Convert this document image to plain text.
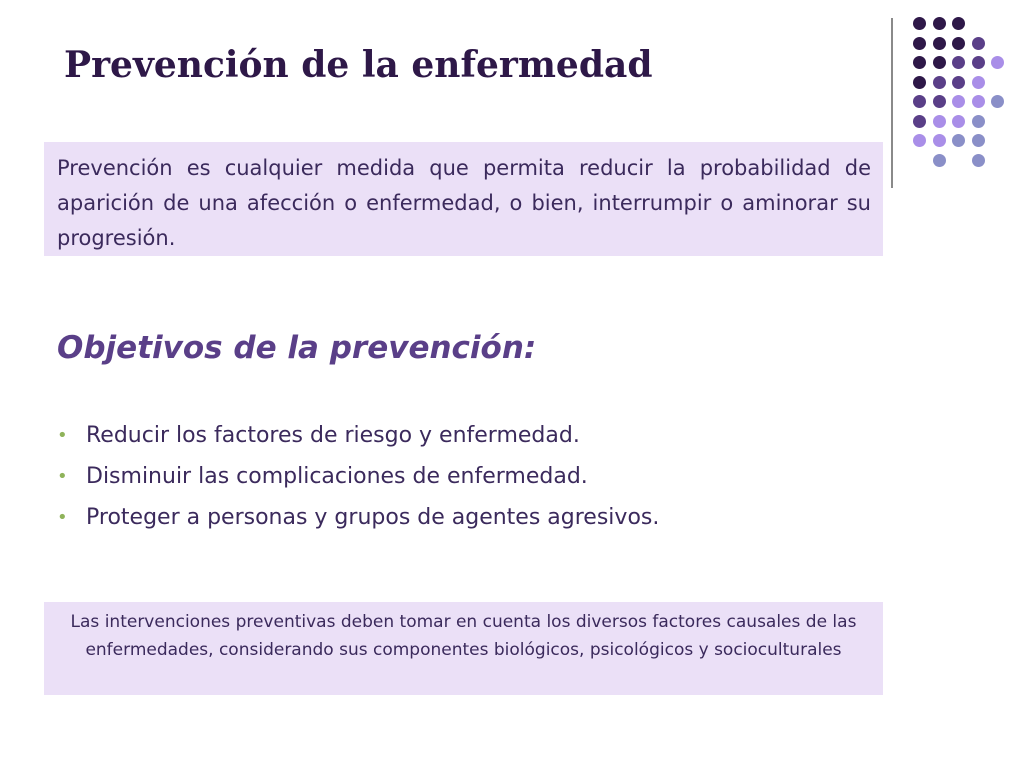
Prevención de la enfermedad
Prevención es cualquier medida que permita reducir la probabilidad de aparición de una afección o enfermedad, o bien, interrumpir o aminorar su progresión.
Objetivos de la prevención:
• Reducir los factores de riesgo y enfermedad.
• Disminuir las complicaciones de enfermedad.
• Proteger a personas y grupos de agentes agresivos.
Las intervenciones preventivas deben tomar en cuenta los diversos factores causales de las enfermedades, considerando sus componentes biológicos, psicológicos y socioculturales
